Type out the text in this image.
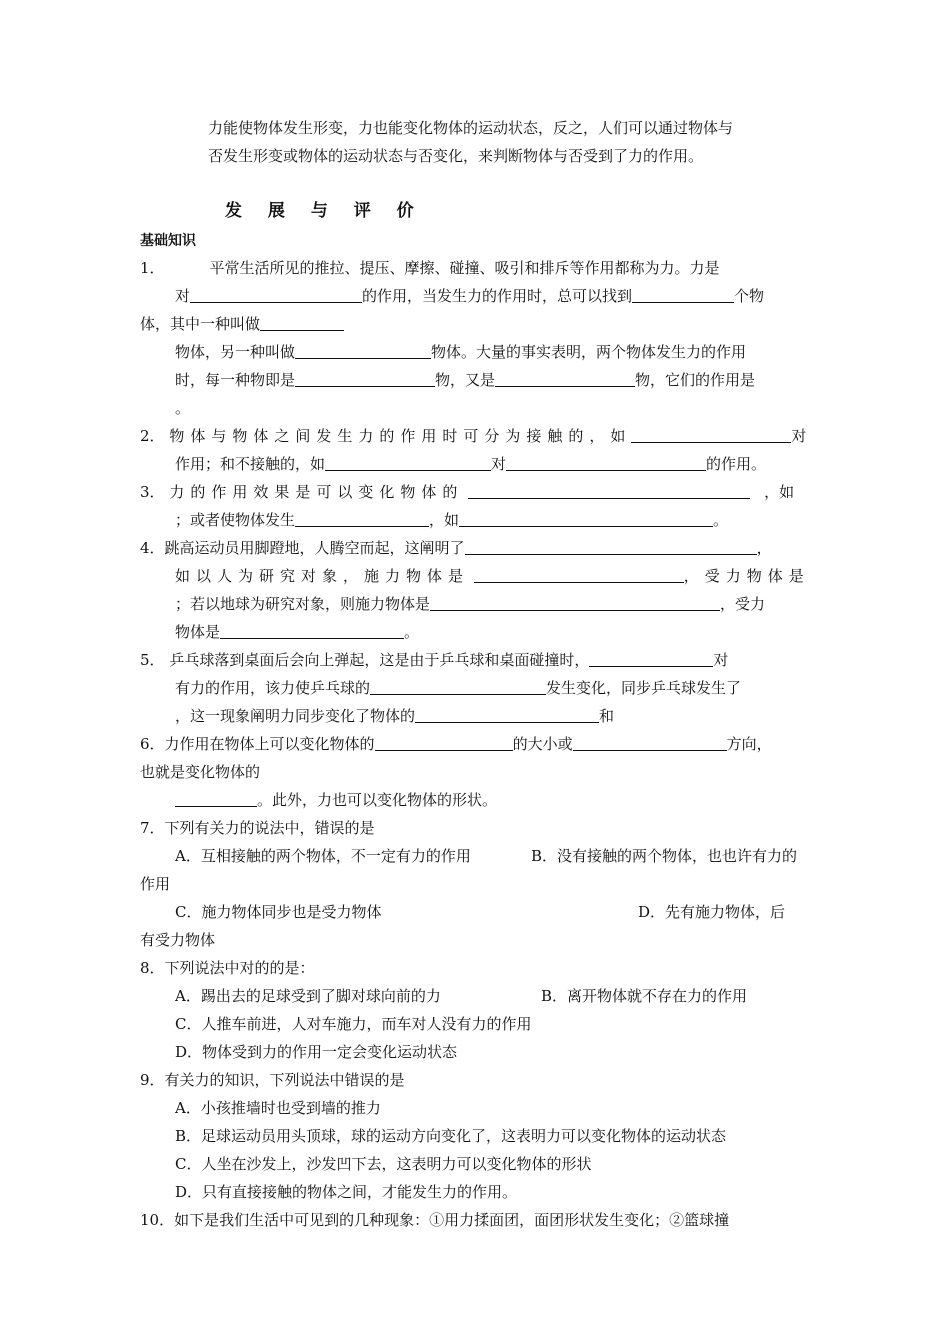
力能使物体发生形变，力也能变化物体的运动状态，反之，人们可以通过物体与
否发生形变或物体的运动状态与否变化，来判断物体与否受到了力的作用。
发 展 与 评 价
基础知识
1．	平常生活所见的推拉、提压、摩擦、碰撞、吸引和排斥等作用都称为力。力是
对	的作用，当发生力的作用时，总可以找到	个物
体，其中一种叫做
物体，另一种叫做	物体。大量的事实表明，两个物体发生力的作用
时，每一种物即是	物，又是	物，它们的作用是
。
2． 物体与物体之间发生力的作用时可分为接触的，如	对
作用；和不接触的，如	对	的作用。
3． 力的作用效果是可以变化物体的	，如
；或者使物体发生	，如	。
4．跳高运动员用脚蹬地，人腾空而起，这阐明了	，
如以人为研究对象，施力物体是	，受力物体是
；若以地球为研究对象，则施力物体是	，受力
物体是	。
5． 乒乓球落到桌面后会向上弹起，这是由于乒乓球和桌面碰撞时，	对
有力的作用，该力使乒乓球的	发生变化，同步乒乓球发生了
，这一现象阐明力同步变化了物体的	和
6．力作用在物体上可以变化物体的	的大小或	方向，
也就是变化物体的
。此外，力也可以变化物体的形状。
7．下列有关力的说法中，错误的是
A．互相接触的两个物体，不一定有力的作用	B．没有接触的两个物体，也也许有力的
作用
C．施力物体同步也是受力物体	D．先有施力物体，后
有受力物体
8．下列说法中对的的是：
A．踢出去的足球受到了脚对球向前的力	B．离开物体就不存在力的作用
C．人推车前进，人对车施力，而车对人没有力的作用
D．物体受到力的作用一定会变化运动状态
9．有关力的知识，下列说法中错误的是
A．小孩推墙时也受到墙的推力
B．足球运动员用头顶球，球的运动方向变化了，这表明力可以变化物体的运动状态
C．人坐在沙发上，沙发凹下去，这表明力可以变化物体的形状
D．只有直接接触的物体之间，才能发生力的作用。
10．如下是我们生活中可见到的几种现象：①用力揉面团，面团形状发生变化；②篮球撞
